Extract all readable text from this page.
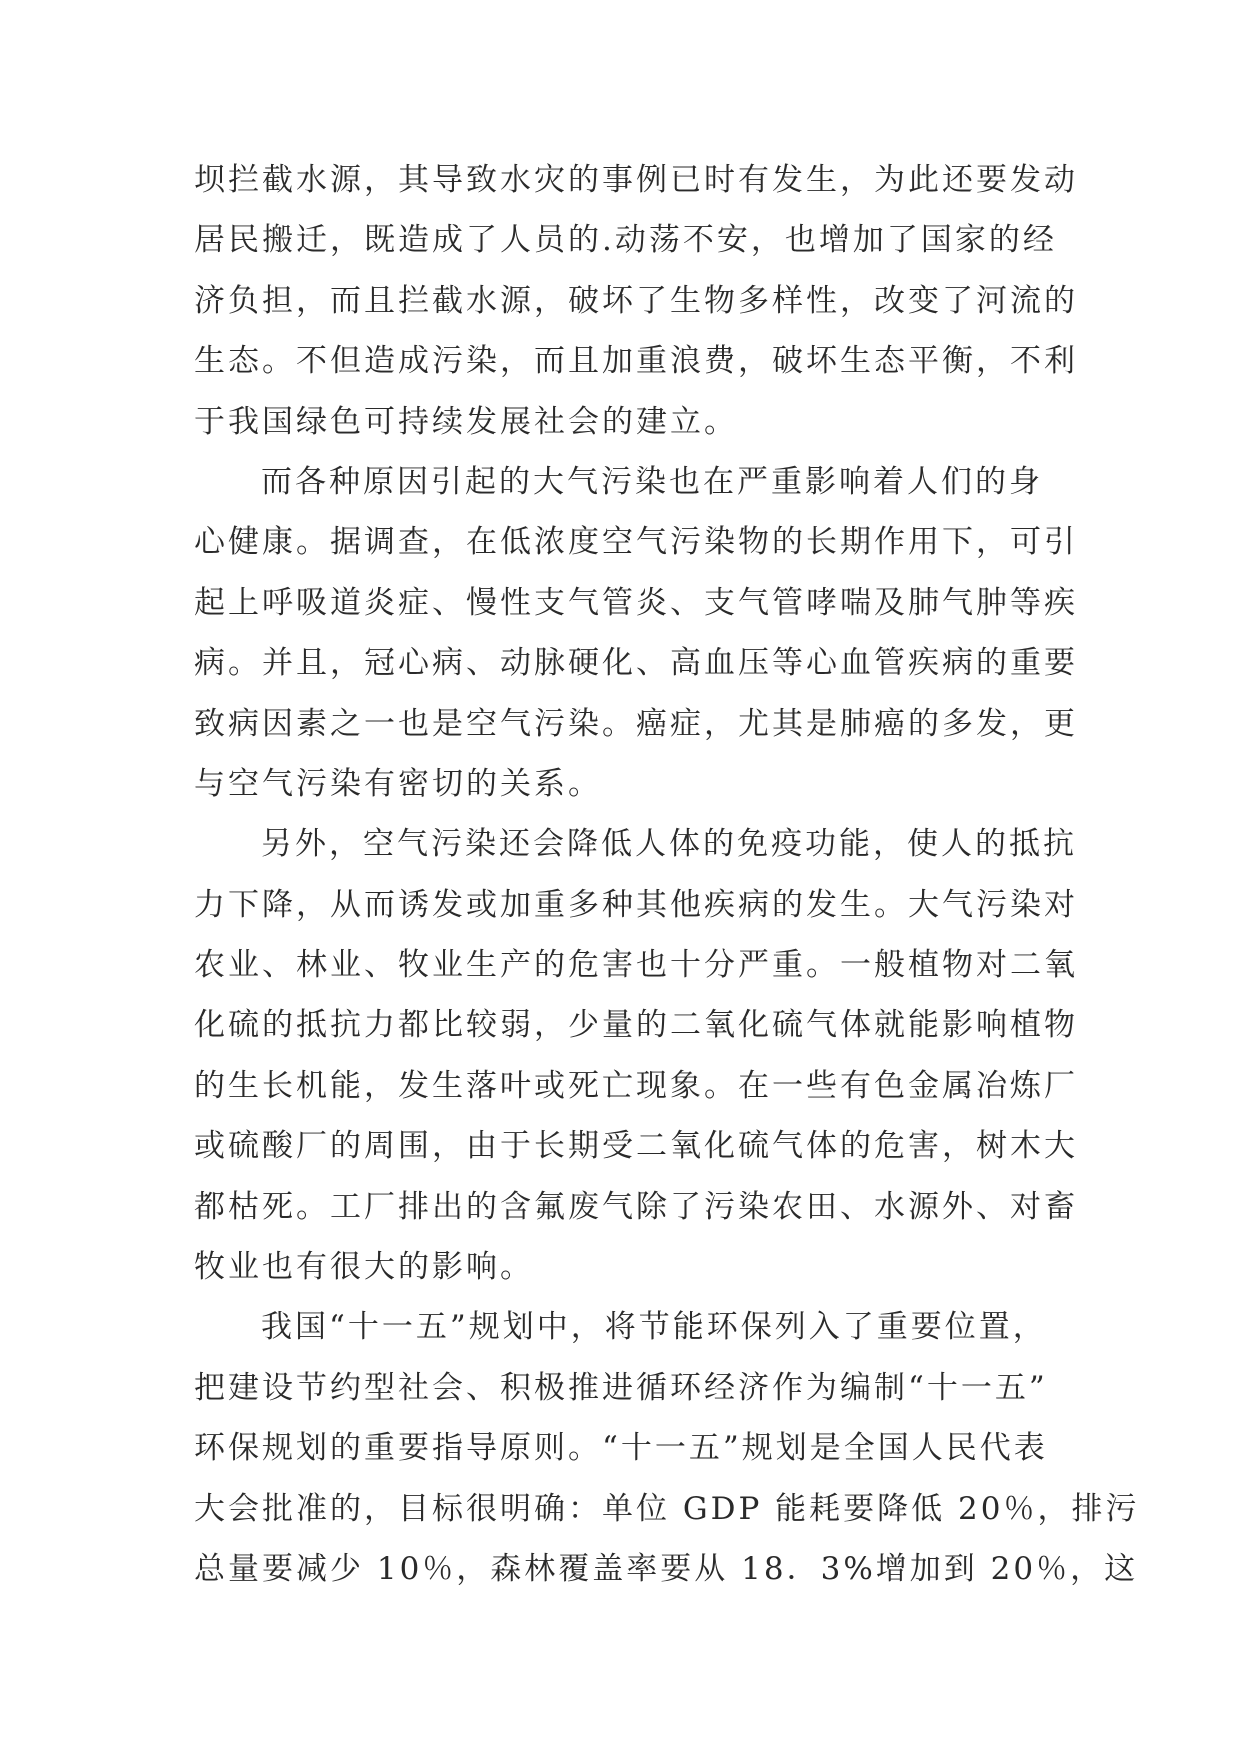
坝拦截水源，其导致水灾的事例已时有发生，为此还要发动
居民搬迁，既造成了人员的.动荡不安，也增加了国家的经
济负担，而且拦截水源，破坏了生物多样性，改变了河流的
生态。不但造成污染，而且加重浪费，破坏生态平衡，不利
于我国绿色可持续发展社会的建立。
而各种原因引起的大气污染也在严重影响着人们的身
心健康。据调查，在低浓度空气污染物的长期作用下，可引
起上呼吸道炎症、慢性支气管炎、支气管哮喘及肺气肿等疾
病。并且，冠心病、动脉硬化、高血压等心血管疾病的重要
致病因素之一也是空气污染。癌症，尤其是肺癌的多发，更
与空气污染有密切的关系。
另外，空气污染还会降低人体的免疫功能，使人的抵抗
力下降，从而诱发或加重多种其他疾病的发生。大气污染对
农业、林业、牧业生产的危害也十分严重。一般植物对二氧
化硫的抵抗力都比较弱，少量的二氧化硫气体就能影响植物
的生长机能，发生落叶或死亡现象。在一些有色金属冶炼厂
或硫酸厂的周围，由于长期受二氧化硫气体的危害，树木大
都枯死。工厂排出的含氟废气除了污染农田、水源外、对畜
牧业也有很大的影响。
我国“十一五”规划中，将节能环保列入了重要位置，
把建设节约型社会、积极推进循环经济作为编制“十一五”
环保规划的重要指导原则。“十一五”规划是全国人民代表
大会批准的，目标很明确：单位 GDP 能耗要降低 20％，排污
总量要减少 10％，森林覆盖率要从 18．3%增加到 20％，这
